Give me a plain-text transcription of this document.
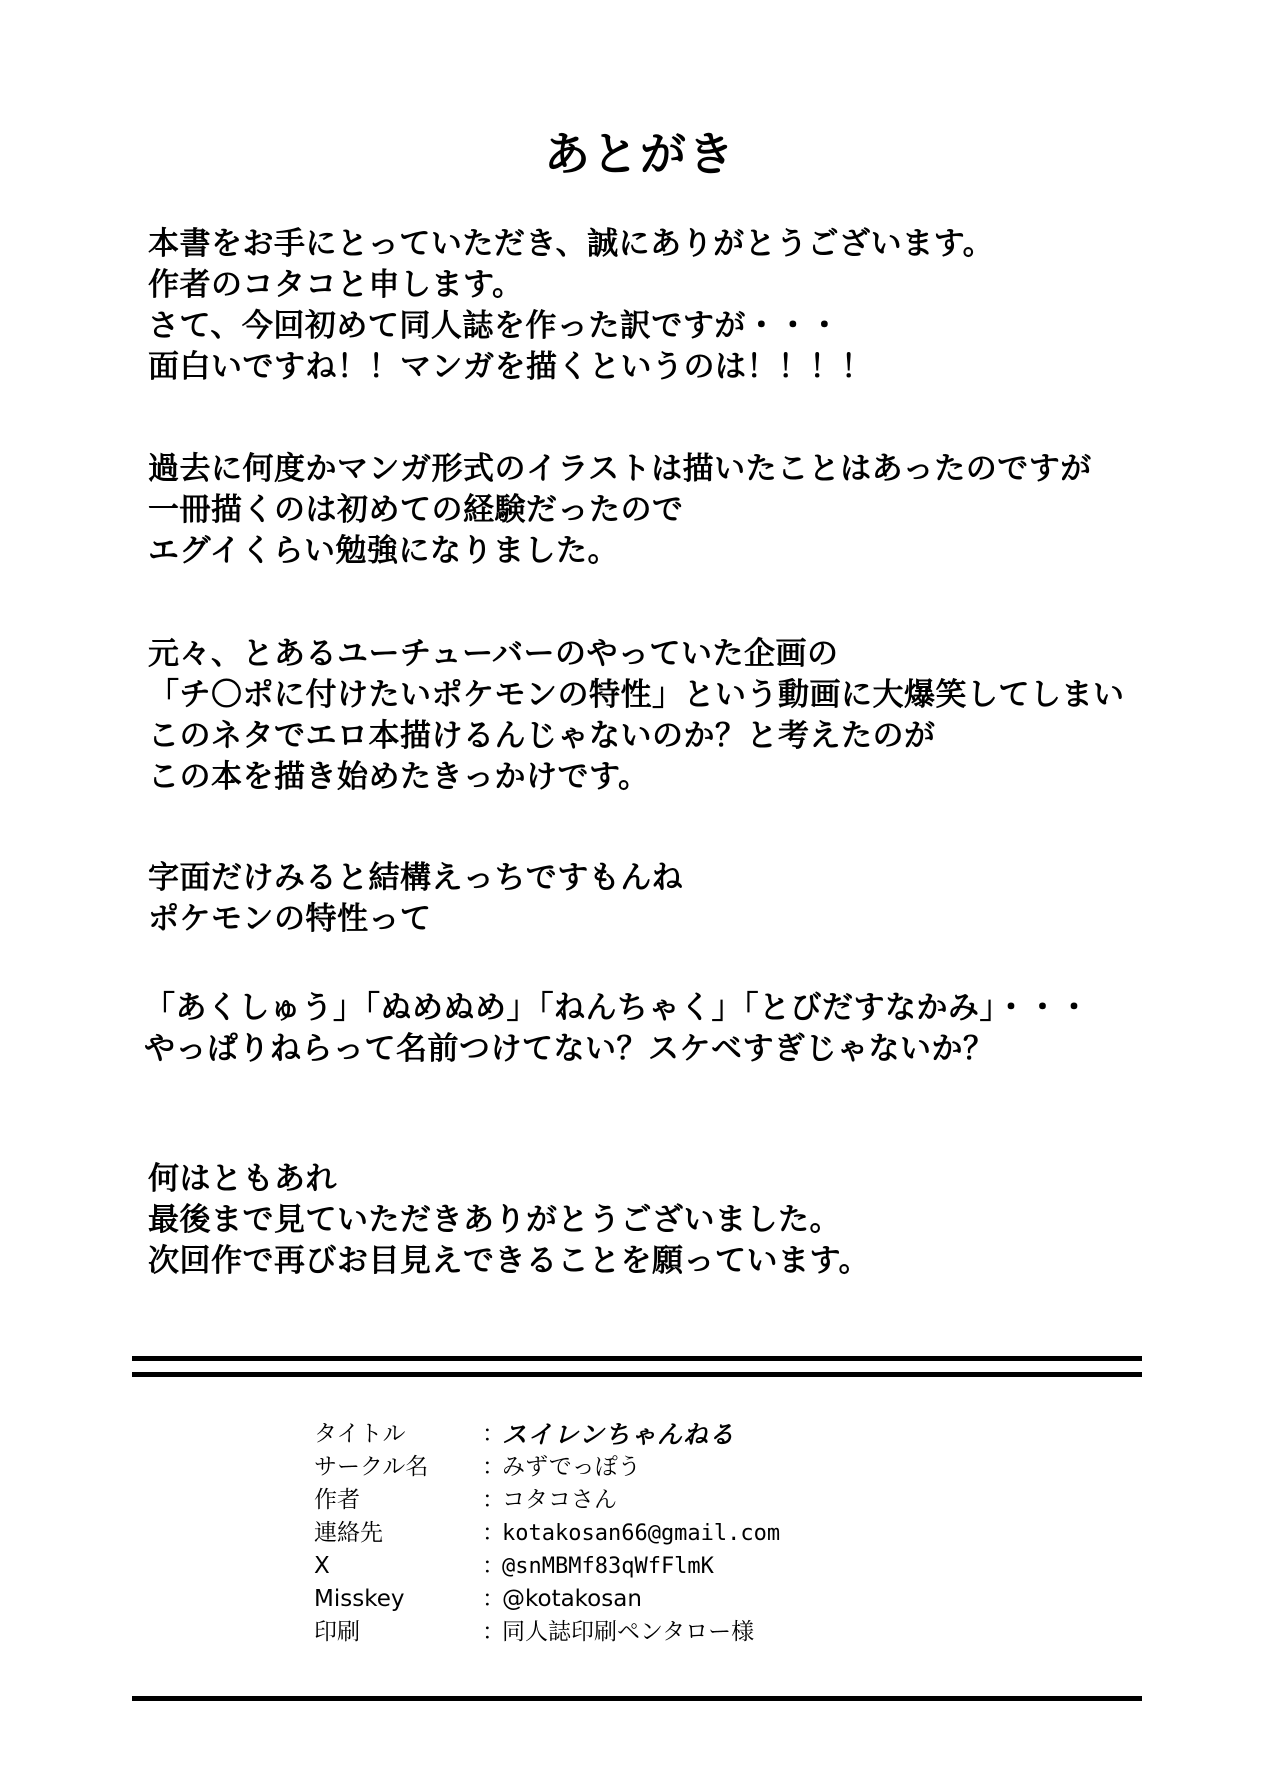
あとがき
本書をお手にとっていただき、誠にありがとうございます。
作者のコタコと申します。
さて、今回初めて同人誌を作った訳ですが・・・
面白いですね！！マンガを描くというのは！！！！
過去に何度かマンガ形式のイラストは描いたことはあったのですが
一冊描くのは初めての経験だったので
エグイくらい勉強になりました。
元々、とあるユーチューバーのやっていた企画の
「チ〇ポに付けたいポケモンの特性」という動画に大爆笑してしまい
このネタでエロ本描けるんじゃないのか？と考えたのが
この本を描き始めたきっかけです。
字面だけみると結構えっちですもんね
ポケモンの特性って
「あくしゅう」「ぬめぬめ」「ねんちゃく」「とびだすなかみ」・・・
やっぱりねらって名前つけてない？スケベすぎじゃないか？
何はともあれ
最後まで見ていただきありがとうございました。
次回作で再びお目見えできることを願っています。
タイトル	：
スイレンちゃんねる
サークル名	：
みずでっぽう
作者	：
コタコさん
連絡先	：
kotakosan66@gmail.com
X	：
@snMBMf83qWfFlmK
Misskey	：
@kotakosan
印刷	：
同人誌印刷ペンタロー様
